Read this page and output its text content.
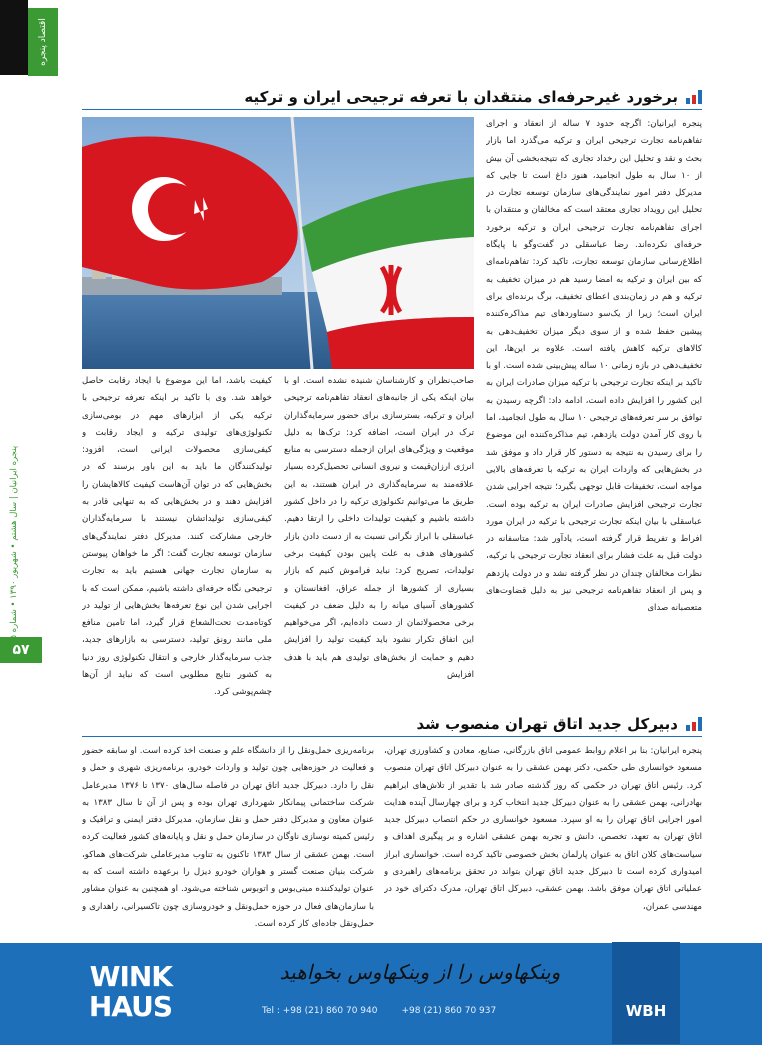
اقتصاد پنجره
پنجره ایرانیان | سال هشتم • شهریور ۱۳۹۰ • شماره
۵۷
برخورد غیرحرفه‌ای منتقدان با تعرفه ترجیحی ایران و ترکیه

پنجره ایرانیان: اگرچه حدود ۷ ساله از انعقاد و اجرای تفاهم‌نامه تجارت ترجیحی ایران و ترکیه می‌گذرد اما بازار بحث و نقد و تحلیل این رخداد تجاری که نتیجه‌بخشی آن بیش از ۱۰ سال به طول انجامید، هنوز داغ است تا جایی که مدیرکل دفتر امور نمایندگی‌های سازمان توسعه تجارت در تحلیل این رویداد تجاری معتقد است که مخالفان و منتقدان با اجرای تفاهم‌نامه تجارت ترجیحی ایران و ترکیه برخورد حرفه‌ای نکرده‌اند. رضا عباسقلی در گفت‌وگو با پایگاه اطلاع‌رسانی سازمان توسعه تجارت، تاکید کرد: تفاهم‌نامه‌ای که بین ایران و ترکیه به امضا رسید هم در میزان تخفیف به ترکیه و هم در زمان‌بندی اعطای تخفیف، برگ برنده‌ای برای ایران است؛ زیرا از یک‌سو دستاوردهای تیم مذاکره‌کننده پیشین حفظ شده و از سوی دیگر میزان تخفیف‌دهی به کالاهای ترکیه کاهش یافته است. علاوه بر این‌ها، این تخفیف‌دهی در بازه زمانی ۱۰ ساله پیش‌بینی شده است. او با تاکید بر اینکه تجارت ترجیحی با ترکیه میزان صادرات ایران به این کشور را افزایش داده است، ادامه داد: اگرچه رسیدن به توافق بر سر تعرفه‌های ترجیحی ۱۰ سال به طول انجامید، اما با روی کار آمدن دولت یازدهم، تیم مذاکره‌کننده این موضوع را برای رسیدن به نتیجه به دستور کار قرار داد و موفق شد در بخش‌هایی که واردات ایران به ترکیه با تعرفه‌های بالایی مواجه است، تخفیفات قابل توجهی بگیرد؛ نتیجه اجرایی شدن تجارت ترجیحی افزایش صادرات ایران به ترکیه بوده است. عباسقلی با بیان اینکه تجارت ترجیحی با ترکیه در ایران مورد افراط و تفریط قرار گرفته است، یادآور شد: متاسفانه در دولت قبل به علت فشار برای انعقاد تجارت ترجیحی با ترکیه، نظرات مخالفان چندان در نظر گرفته نشد و در دولت یازدهم و پس از انعقاد تفاهم‌نامه ترجیحی نیز به دلیل قضاوت‌های متعصبانه صدای

صاحب‌نظران و کارشناسان شنیده نشده است. او با بیان اینکه یکی از جانبه‌های انعقاد تفاهم‌نامه ترجیحی ایران و ترکیه، بسترسازی برای حضور سرمایه‌گذاران ترک در ایران است، اضافه کرد: ترک‌ها به دلیل موقعیت و ویژگی‌های ایران ازجمله دسترسی به منابع انرژی ارزان‌قیمت و نیروی انسانی تحصیل‌کرده بسیار علاقه‌مند به سرمایه‌گذاری در ایران هستند، به این طریق ما می‌توانیم تکنولوژی ترکیه را در داخل کشور داشته باشیم و کیفیت تولیدات داخلی را ارتقا دهیم. عباسقلی با ابراز نگرانی نسبت به از دست دادن بازار کشورهای هدف به علت پایین بودن کیفیت برخی تولیدات، تصریح کرد: نباید فراموش کنیم که بازار بسیاری از کشورها از جمله عراق، افغانستان و کشورهای آسیای میانه را به دلیل ضعف در کیفیت برخی محصولاتمان از دست داده‌ایم، اگر می‌خواهیم این اتفاق تکرار نشود باید کیفیت تولید را افزایش دهیم و حمایت از بخش‌های تولیدی هم باید با هدف افزایش

کیفیت باشد، اما این موضوع با ایجاد رقابت حاصل خواهد شد. وی با تاکید بر اینکه تعرفه ترجیحی با ترکیه یکی از ابزارهای مهم در بومی‌سازی تکنولوژی‌های تولیدی ترکیه و ایجاد رقابت و کیفی‌سازی محصولات ایرانی است، افزود: تولیدکنندگان ما باید به این باور برسند که در بخش‌هایی که در توان آن‌هاست کیفیت کالاهایشان را افزایش دهند و در بخش‌هایی که به تنهایی قادر به کیفی‌سازی تولیداتشان نیستند با سرمایه‌گذاران خارجی مشارکت کنند. مدیرکل دفتر نمایندگی‌های سازمان توسعه تجارت گفت: اگر ما خواهان پیوستن به سازمان تجارت جهانی هستیم باید به تجارت ترجیحی نگاه حرفه‌ای داشته باشیم، ممکن است که با اجرایی شدن این نوع تعرفه‌ها بخش‌هایی از تولید در کوتاه‌مدت تحت‌الشعاع قرار گیرد، اما تامین منافع ملی مانند رونق تولید، دسترسی به بازارهای جدید، جذب سرمایه‌گذار خارجی و انتقال تکنولوژی روز دنیا به کشور نتایج مطلوبی است که نباید از آن‌ها چشم‌پوشی کرد.

دبیرکل جدید اتاق تهران منصوب شد

پنجره ایرانیان: بنا بر اعلام روابط عمومی اتاق بازرگانی، صنایع، معادن و کشاورزی تهران، مسعود خوانساری طی حکمی، دکتر بهمن عشقی را به عنوان دبیرکل اتاق تهران منصوب کرد. رئیس اتاق تهران در حکمی که روز گذشته صادر شد با تقدیر از تلاش‌های ابراهیم بهادرانی، بهمن عشقی را به عنوان دبیرکل جدید انتخاب کرد و برای چهارسال آینده هدایت امور اجرایی اتاق تهران را به او سپرد. مسعود خوانساری در حکم انتصاب دبیرکل جدید اتاق تهران به تعهد، تخصص، دانش و تجربه بهمن عشقی اشاره و بر پیگیری اهداف و سیاست‌های کلان اتاق به عنوان پارلمان بخش خصوصی تاکید کرده است. خوانساری ابراز امیدواری کرده است تا دبیرکل جدید اتاق تهران بتواند در تحقق برنامه‌های راهبردی و عملیاتی اتاق تهران موفق باشد. بهمن عشقی، دبیرکل اتاق تهران، مدرک دکترای خود در مهندسی عمران،

برنامه‌ریزی حمل‌ونقل را از دانشگاه علم و صنعت اخذ کرده است. او سابقه حضور و فعالیت در حوزه‌هایی چون تولید و واردات خودرو، برنامه‌ریزی شهری و حمل و نقل را دارد. دبیرکل جدید اتاق تهران در فاصله سال‌های ۱۳۷۰ تا ۱۳۷۶ مدیرعامل شرکت ساختمانی پیمانکار شهرداری تهران بوده و پس از آن تا سال ۱۳۸۳ به عنوان معاون و مدیرکل دفتر حمل و نقل سازمان، مدیرکل دفتر ایمنی و ترافیک و رئیس کمیته نوسازی ناوگان در سازمان حمل و نقل و پایانه‌های کشور فعالیت کرده است. بهمن عشقی از سال ۱۳۸۳ تاکنون به تناوب مدیرعاملی شرکت‌های هماکو، شرکت بنیان صنعت گستر و هواران خودرو دیزل را برعهده داشته است که به عنوان تولیدکننده مینی‌بوس و اتوبوس شناخته می‌شود. او همچنین به عنوان مشاور با سازمان‌های فعال در حوزه حمل‌ونقل و خودروسازی چون تاکسیرانی، راهداری و حمل‌ونقل جاده‌ای کار کرده است.

WINK
HAUS
وینکهاوس را از وینکهاوس بخواهید
Tel : +98 (21) 860 70 940	+98 (21) 860 70 937	WBH
